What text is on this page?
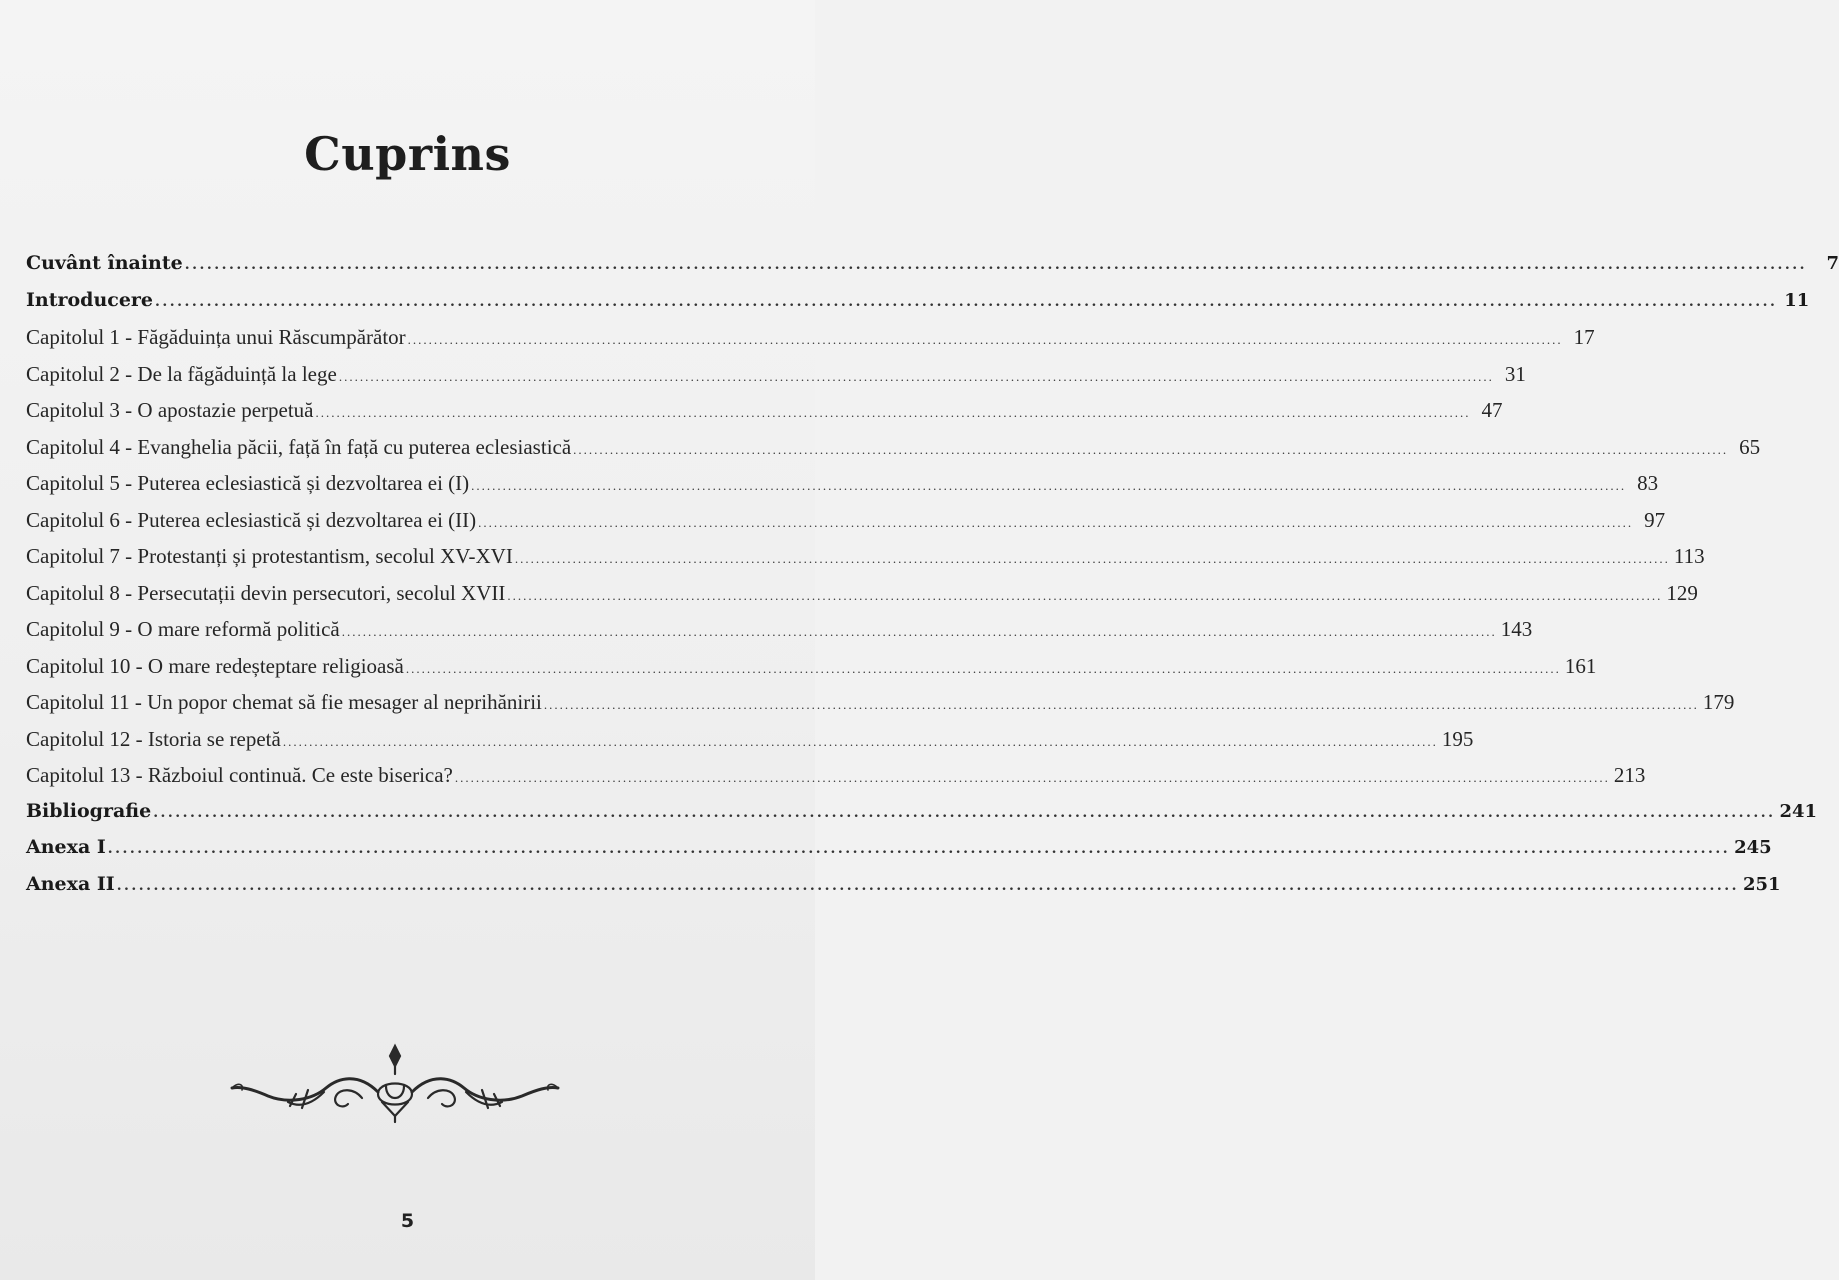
Cuprins
Cuvânt înainte ............................................................................................................................................................................................................................	7
Introducere ............................................................................................................................................................................................................................ 11
Capitolul 1 - Făgăduința unui Răscumpărător ............................................................................................................................................................................................................................ 17
Capitolul 2 - De la făgăduință la lege ............................................................................................................................................................................................................................ 31
Capitolul 3 - O apostazie perpetuă ............................................................................................................................................................................................................................ 47
Capitolul 4 - Evanghelia păcii, față în față cu puterea eclesiastică ............................................................................................................................................................................................................................ 65
Capitolul 5 - Puterea eclesiastică și dezvoltarea ei (I) ............................................................................................................................................................................................................................ 83
Capitolul 6 - Puterea eclesiastică și dezvoltarea ei (II) ............................................................................................................................................................................................................................ 97
Capitolul 7 - Protestanți și protestantism, secolul XV-XVI ............................................................................................................................................................................................................................ 113
Capitolul 8 - Persecutații devin persecutori, secolul XVII ............................................................................................................................................................................................................................ 129
Capitolul 9 - O mare reformă politică ............................................................................................................................................................................................................................ 143
Capitolul 10 - O mare redeșteptare religioasă ............................................................................................................................................................................................................................ 161
Capitolul 11 - Un popor chemat să fie mesager al neprihănirii ............................................................................................................................................................................................................................ 179
Capitolul 12 - Istoria se repetă ............................................................................................................................................................................................................................ 195
Capitolul 13 - Războiul continuă. Ce este biserica? ............................................................................................................................................................................................................................ 213
Bibliografie ............................................................................................................................................................................................................................ 241
Anexa I ............................................................................................................................................................................................................................ 245
Anexa II ............................................................................................................................................................................................................................ 251
5
